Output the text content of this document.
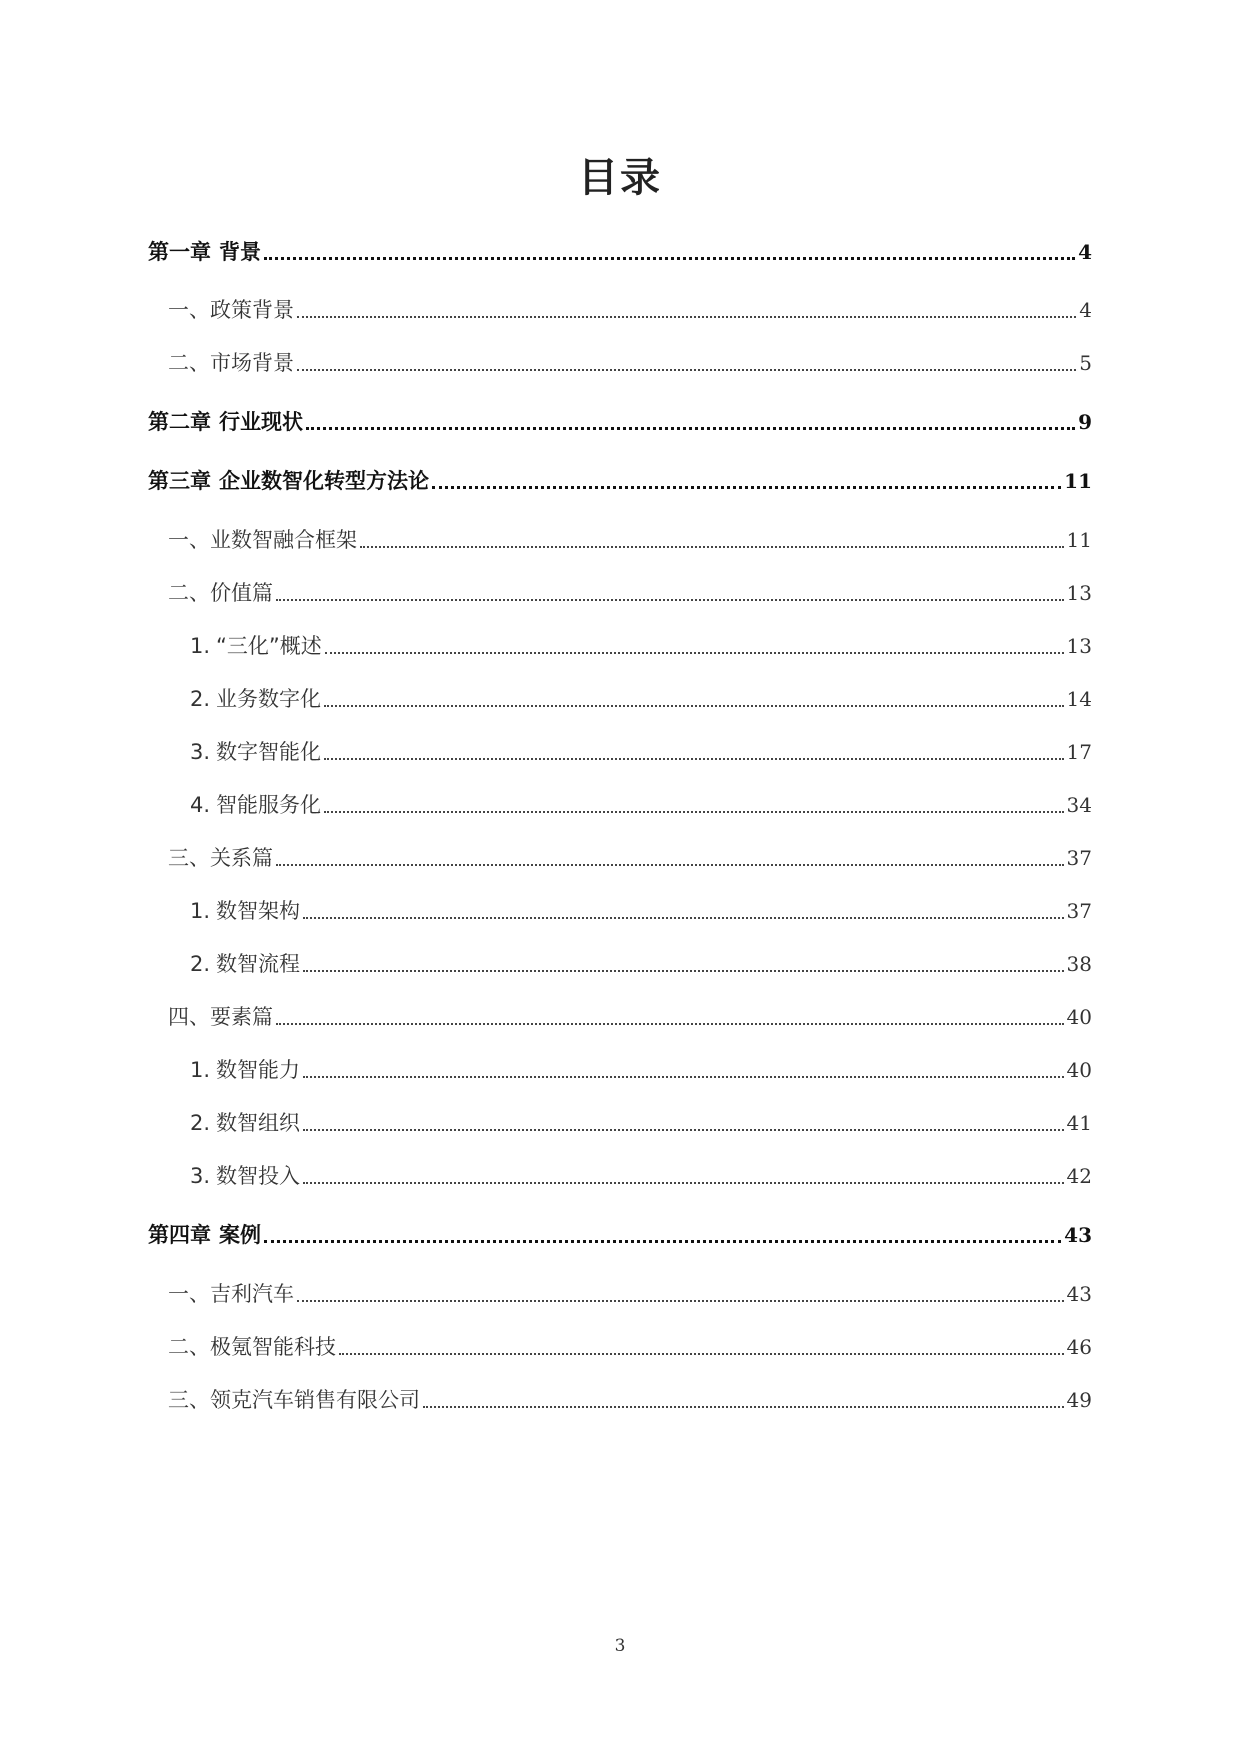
目录
第一章 背景	4
一、 政策背景	4
二、 市场背景	5
第二章 行业现状	9
第三章 企业数智化转型方法论	11
一、 业数智融合框架	11
二、 价值篇	13
1. “三化”概述	13
2. 业务数字化	14
3. 数字智能化	17
4. 智能服务化	34
三、 关系篇	37
1. 数智架构	37
2. 数智流程	38
四、 要素篇	40
1. 数智能力	40
2. 数智组织	41
3. 数智投入	42
第四章 案例	43
一、 吉利汽车	43
二、 极氪智能科技	46
三、 领克汽车销售有限公司	49
3
